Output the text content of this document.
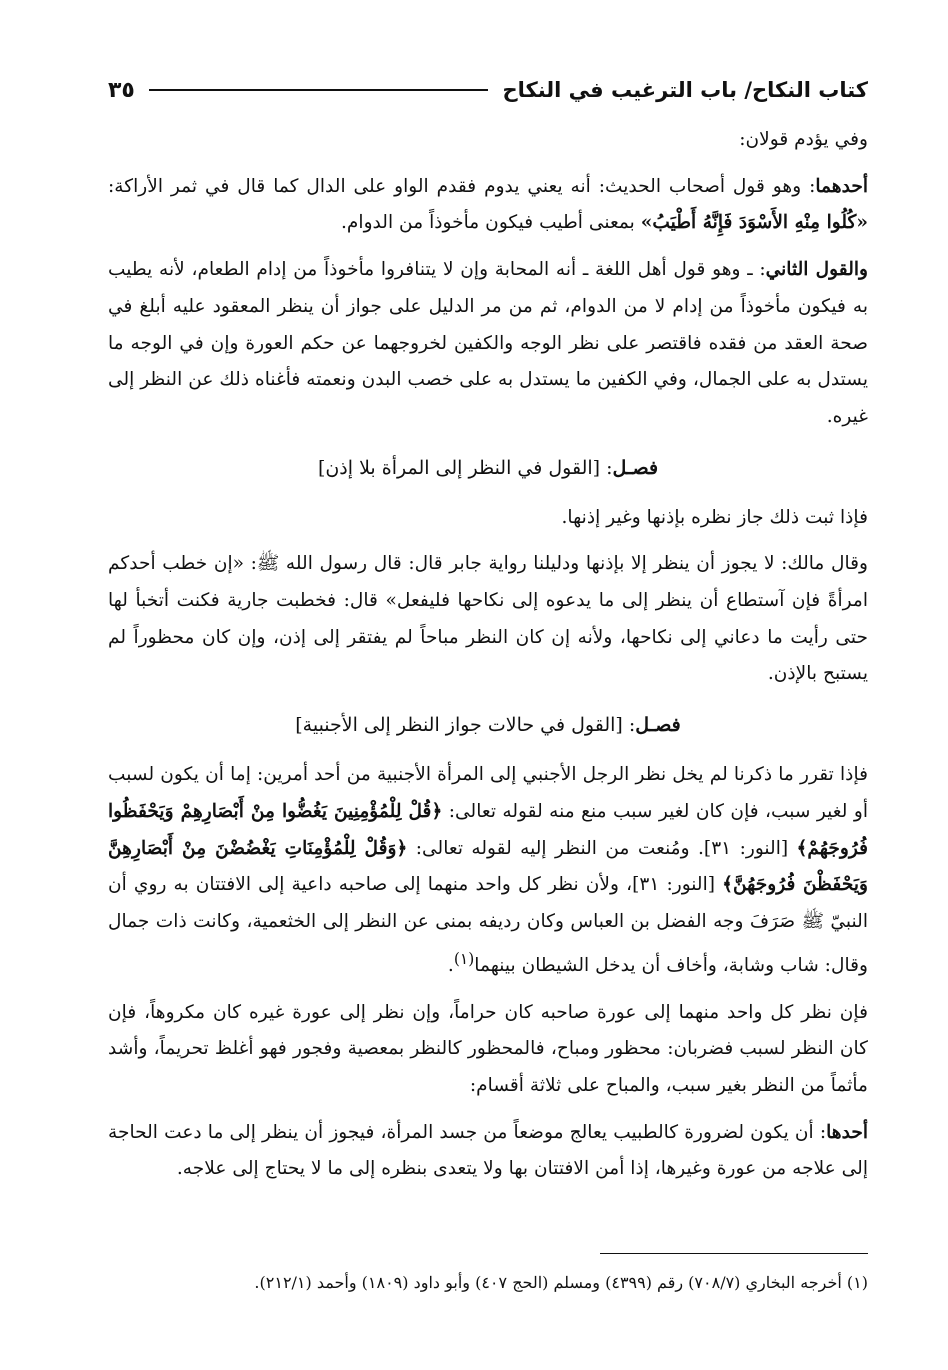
كتاب النكاح/ باب الترغيب في النكاح
٣٥

وفي يؤدم قولان:

أحدهما: وهو قول أصحاب الحديث: أنه يعني يدوم فقدم الواو على الدال كما قال في ثمر الأراكة: «كُلُوا مِنْهِ الأَسْوَدَ فَإِنَّهُ أَطْيَبُ» بمعنى أطيب فيكون مأخوذاً من الدوام.

والقول الثاني: ـ وهو قول أهل اللغة ـ أنه المحابة وإن لا يتنافروا مأخوذاً من إدام الطعام، لأنه يطيب به فيكون مأخوذاً من إدام لا من الدوام، ثم من مر الدليل على جواز أن ينظر المعقود عليه أبلغ في صحة العقد من فقده فاقتصر على نظر الوجه والكفين لخروجهما عن حكم العورة وإن في الوجه ما يستدل به على الجمال، وفي الكفين ما يستدل به على خصب البدن ونعمته فأغناه ذلك عن النظر إلى غيره.

فصـل: [القول في النظر إلى المرأة بلا إذن]

فإذا ثبت ذلك جاز نظره بإذنها وغير إذنها.

وقال مالك: لا يجوز أن ينظر إلا بإذنها ودليلنا رواية جابر قال: قال رسول الله ﷺ: «إن خطب أحدكم امرأةً فإن آستطاع أن ينظر إلى ما يدعوه إلى نكاحها فليفعل» قال: فخطبت جارية فكنت أتخبأ لها حتى رأيت ما دعاني إلى نكاحها، ولأنه إن كان النظر مباحاً لم يفتقر إلى إذن، وإن كان محظوراً لم يستبح بالإذن.

فصـل: [القول في حالات جواز النظر إلى الأجنبية]

فإذا تقرر ما ذكرنا لم يخل نظر الرجل الأجنبي إلى المرأة الأجنبية من أحد أمرين: إما أن يكون لسبب أو لغير سبب، فإن كان لغير سبب منع منه لقوله تعالى: ﴿قُلْ لِلْمُؤْمِنِينَ يَغُضُّوا مِنْ أَبْصَارِهِمْ وَيَحْفَظُوا فُرُوجَهُمْ﴾ [النور: ٣١]. ومُنعت من النظر إليه لقوله تعالى: ﴿وَقُلْ لِلْمُؤْمِنَاتِ يَغْضُضْنَ مِنْ أَبْصَارِهِنَّ وَيَحْفَظْنَ فُرُوجَهُنَّ﴾ [النور: ٣١]، ولأن نظر كل واحد منهما إلى صاحبه داعية إلى الافتتان به روي أن النبيّ ﷺ صَرَفَ وجه الفضل بن العباس وكان رديفه بمنى عن النظر إلى الخثعمية، وكانت ذات جمال وقال: شاب وشابة، وأخاف أن يدخل الشيطان بينهما$^{(١)}$.

فإن نظر كل واحد منهما إلى عورة صاحبه كان حراماً، وإن نظر إلى عورة غيره كان مكروهاً، فإن كان النظر لسبب فضربان: محظور ومباح، فالمحظور كالنظر بمعصية وفجور فهو أغلظ تحريماً، وأشد مأثماً من النظر بغير سبب، والمباح على ثلاثة أقسام:

أحدها: أن يكون لضرورة كالطبيب يعالج موضعاً من جسد المرأة، فيجوز أن ينظر إلى ما دعت الحاجة إلى علاجه من عورة وغيرها، إذا أمن الافتتان بها ولا يتعدى بنظره إلى ما لا يحتاج إلى علاجه.

(١) أخرجه البخاري (٧٠٨/٧) رقم (٤٣٩٩) ومسلم (الحج ٤٠٧) وأبو داود (١٨٠٩) وأحمد (٢١٢/١).
